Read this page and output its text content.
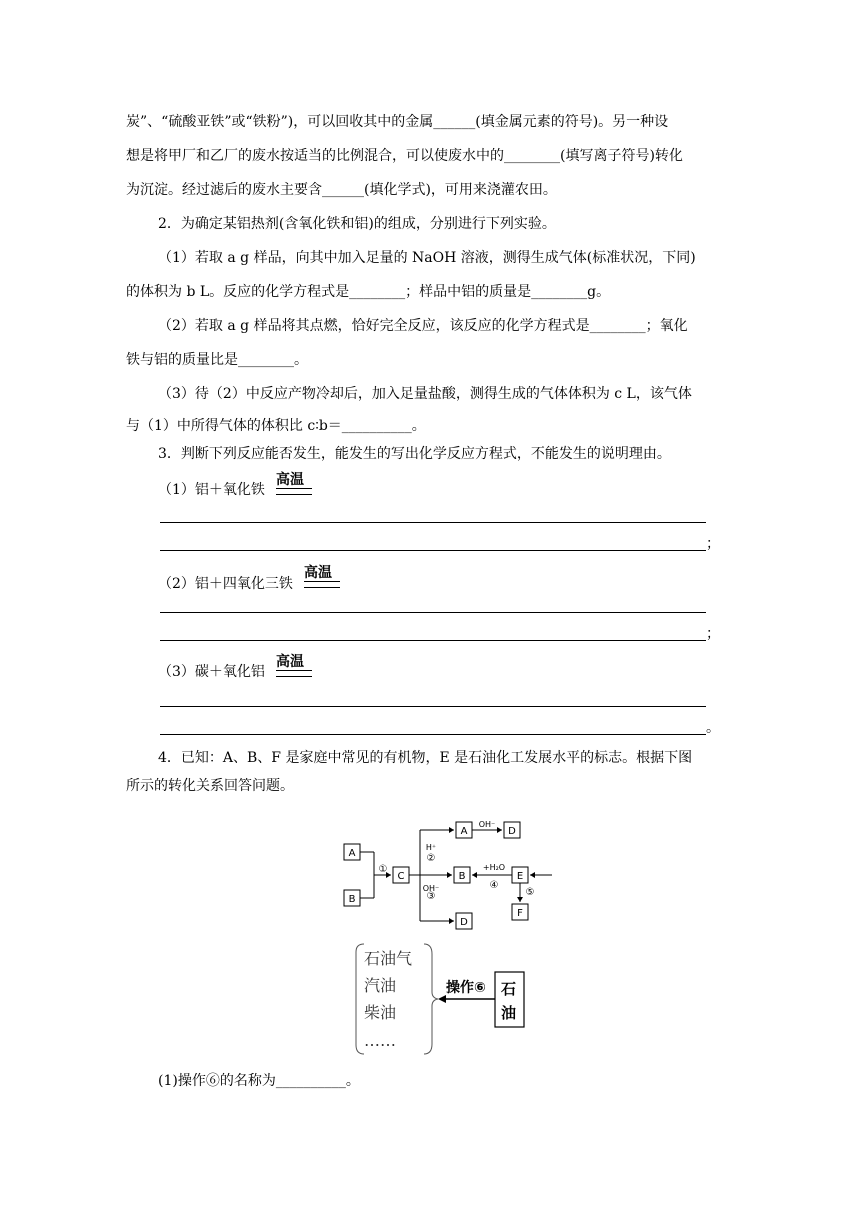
炭”、“硫酸亚铁”或“铁粉”)，可以回收其中的金属______(填金属元素的符号)。另一种设
想是将甲厂和乙厂的废水按适当的比例混合，可以使废水中的________(填写离子符号)转化
为沉淀。经过滤后的废水主要含______(填化学式)，可用来浇灌农田。
2．为确定某铝热剂(含氧化铁和铝)的组成，分别进行下列实验。
（1）若取 a g 样品，向其中加入足量的 NaOH 溶液，测得生成气体(标准状况，下同)
的体积为 b L。反应的化学方程式是________；样品中铝的质量是________g。
（2）若取 a g 样品将其点燃，恰好完全反应，该反应的化学方程式是________；氧化
铁与铝的质量比是________。
（3）待（2）中反应产物冷却后，加入足量盐酸，测得生成的气体体积为 c L，该气体
与（1）中所得气体的体积比 c∶b＝__________。
3．判断下列反应能否发生，能发生的写出化学反应方程式，不能发生的说明理由。
（1）铝＋氧化铁
高温
；
（2）铝＋四氧化三铁
高温
；
（3）碳＋氧化铝
高温
。
4．已知：A、B、F 是家庭中常见的有机物，E 是石油化工发展水平的标志。根据下图
所示的转化关系回答问题。
A
B
C
A	D
B	E
D
F
①
②
③
④
⑤
H⁺
OH⁻
OH⁻
+H₂O
石油气
汽油
柴油
……
操作⑥ 石
油
(1)操作⑥的名称为__________。
